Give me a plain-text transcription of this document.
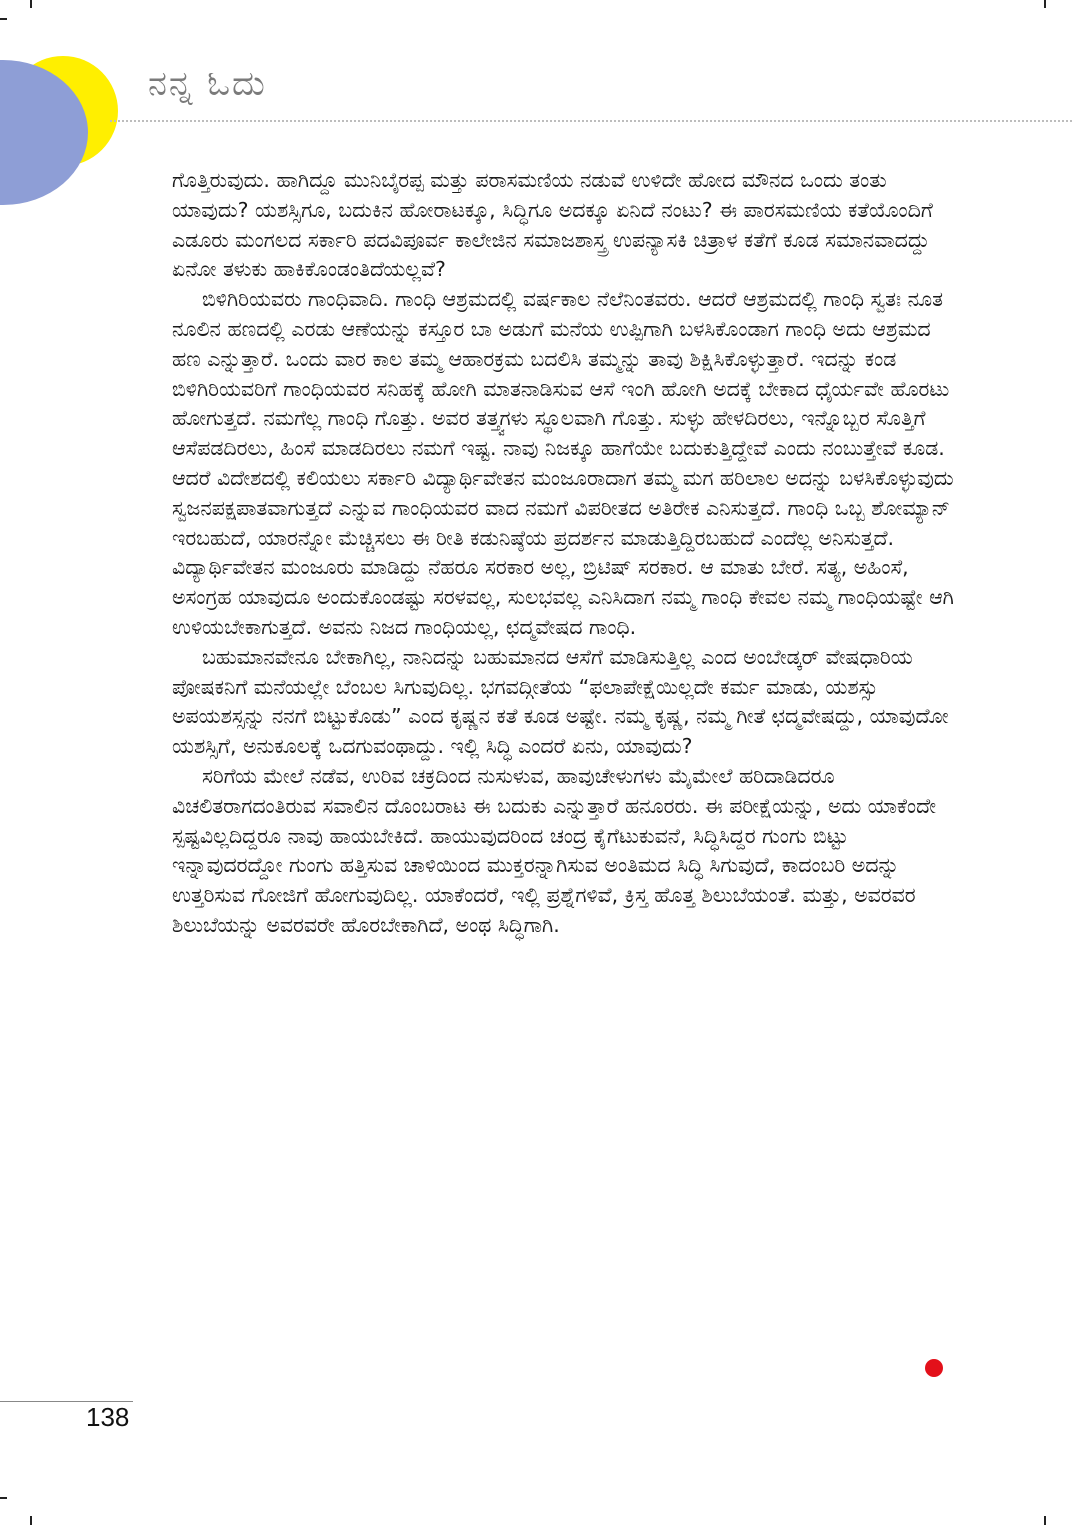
ನನ್ನ ಓದು

ಗೊತ್ತಿರುವುದು. ಹಾಗಿದ್ದೂ ಮುನಿಬೈರಪ್ಪ ಮತ್ತು ಪರಾಸಮಣಿಯ ನಡುವೆ ಉಳಿದೇ ಹೋದ ಮೌನದ ಒಂದು ತಂತು ಯಾವುದು? ಯಶಸ್ಸಿಗೂ, ಬದುಕಿನ ಹೋರಾಟಕ್ಕೂ, ಸಿದ್ಧಿಗೂ ಅದಕ್ಕೂ ಏನಿದೆ ನಂಟು? ಈ ಪಾರಸಮಣಿಯ ಕತೆಯೊಂದಿಗೆ ಎಡೂರು ಮಂಗಲದ ಸರ್ಕಾರಿ ಪದವಿಪೂರ್ವ ಕಾಲೇಜಿನ ಸಮಾಜಶಾಸ್ತ್ರ ಉಪನ್ಯಾಸಕಿ ಚಿತ್ರಾಳ ಕತೆಗೆ ಕೂಡ ಸಮಾನವಾದದ್ದು ಏನೋ ತಳುಕು ಹಾಕಿಕೊಂಡಂತಿದೆಯಲ್ಲವೆ?

ಬಿಳಿಗಿರಿಯವರು ಗಾಂಧಿವಾದಿ. ಗಾಂಧಿ ಆಶ್ರಮದಲ್ಲಿ ವರ್ಷಕಾಲ ನೆಲೆನಿಂತವರು. ಆದರೆ ಆಶ್ರಮದಲ್ಲಿ ಗಾಂಧಿ ಸ್ವತಃ ನೂತ ನೂಲಿನ ಹಣದಲ್ಲಿ ಎರಡು ಆಣೆಯನ್ನು ಕಸ್ತೂರ ಬಾ ಅಡುಗೆ ಮನೆಯ ಉಪ್ಪಿಗಾಗಿ ಬಳಸಿಕೊಂಡಾಗ ಗಾಂಧಿ ಅದು ಆಶ್ರಮದ ಹಣ ಎನ್ನುತ್ತಾರೆ. ಒಂದು ವಾರ ಕಾಲ ತಮ್ಮ ಆಹಾರಕ್ರಮ ಬದಲಿಸಿ ತಮ್ಮನ್ನು ತಾವು ಶಿಕ್ಷಿಸಿಕೊಳ್ಳುತ್ತಾರೆ. ಇದನ್ನು ಕಂಡ ಬಿಳಿಗಿರಿಯವರಿಗೆ ಗಾಂಧಿಯವರ ಸನಿಹಕ್ಕೆ ಹೋಗಿ ಮಾತನಾಡಿಸುವ ಆಸೆ ಇಂಗಿ ಹೋಗಿ ಅದಕ್ಕೆ ಬೇಕಾದ ಧೈರ್ಯವೇ ಹೊರಟು ಹೋಗುತ್ತದೆ. ನಮಗೆಲ್ಲ ಗಾಂಧಿ ಗೊತ್ತು. ಅವರ ತತ್ತ್ವಗಳು ಸ್ಥೂಲವಾಗಿ ಗೊತ್ತು. ಸುಳ್ಳು ಹೇಳದಿರಲು, ಇನ್ನೊಬ್ಬರ ಸೊತ್ತಿಗೆ ಆಸೆಪಡದಿರಲು, ಹಿಂಸೆ ಮಾಡದಿರಲು ನಮಗೆ ಇಷ್ಟ. ನಾವು ನಿಜಕ್ಕೂ ಹಾಗೆಯೇ ಬದುಕುತ್ತಿದ್ದೇವೆ ಎಂದು ನಂಬುತ್ತೇವೆ ಕೂಡ. ಆದರೆ ವಿದೇಶದಲ್ಲಿ ಕಲಿಯಲು ಸರ್ಕಾರಿ ವಿದ್ಯಾರ್ಥಿವೇತನ ಮಂಜೂರಾದಾಗ ತಮ್ಮ ಮಗ ಹರಿಲಾಲ ಅದನ್ನು ಬಳಸಿಕೊಳ್ಳುವುದು ಸ್ವಜನಪಕ್ಷಪಾತವಾಗುತ್ತದೆ ಎನ್ನುವ ಗಾಂಧಿಯವರ ವಾದ ನಮಗೆ ವಿಪರೀತದ ಅತಿರೇಕ ಎನಿಸುತ್ತದೆ. ಗಾಂಧಿ ಒಬ್ಬ ಶೋಮ್ಯಾನ್ ಇರಬಹುದೆ, ಯಾರನ್ನೋ ಮೆಚ್ಚಿಸಲು ಈ ರೀತಿ ಕಡುನಿಷ್ಠೆಯ ಪ್ರದರ್ಶನ ಮಾಡುತ್ತಿದ್ದಿರಬಹುದೆ ಎಂದೆಲ್ಲ ಅನಿಸುತ್ತದೆ. ವಿದ್ಯಾರ್ಥಿವೇತನ ಮಂಜೂರು ಮಾಡಿದ್ದು ನೆಹರೂ ಸರಕಾರ ಅಲ್ಲ, ಬ್ರಿಟಿಷ್ ಸರಕಾರ. ಆ ಮಾತು ಬೇರೆ. ಸತ್ಯ, ಅಹಿಂಸೆ, ಅಸಂಗ್ರಹ ಯಾವುದೂ ಅಂದುಕೊಂಡಷ್ಟು ಸರಳವಲ್ಲ, ಸುಲಭವಲ್ಲ ಎನಿಸಿದಾಗ ನಮ್ಮ ಗಾಂಧಿ ಕೇವಲ ನಮ್ಮ ಗಾಂಧಿಯಷ್ಟೇ ಆಗಿ ಉಳಿಯಬೇಕಾಗುತ್ತದೆ. ಅವನು ನಿಜದ ಗಾಂಧಿಯಲ್ಲ, ಛದ್ಮವೇಷದ ಗಾಂಧಿ.

ಬಹುಮಾನವೇನೂ ಬೇಕಾಗಿಲ್ಲ, ನಾನಿದನ್ನು ಬಹುಮಾನದ ಆಸೆಗೆ ಮಾಡಿಸುತ್ತಿಲ್ಲ ಎಂದ ಅಂಬೇಡ್ಕರ್ ವೇಷಧಾರಿಯ ಪೋಷಕನಿಗೆ ಮನೆಯಲ್ಲೇ ಬೆಂಬಲ ಸಿಗುವುದಿಲ್ಲ. ಭಗವದ್ಗೀತೆಯ “ಫಲಾಪೇಕ್ಷೆಯಿಲ್ಲದೇ ಕರ್ಮ ಮಾಡು, ಯಶಸ್ಸು ಅಪಯಶಸ್ಸನ್ನು ನನಗೆ ಬಿಟ್ಟುಕೊಡು” ಎಂದ ಕೃಷ್ಣನ ಕತೆ ಕೂಡ ಅಷ್ಟೇ. ನಮ್ಮ ಕೃಷ್ಣ, ನಮ್ಮ ಗೀತೆ ಛದ್ಮವೇಷದ್ದು, ಯಾವುದೋ ಯಶಸ್ಸಿಗೆ, ಅನುಕೂಲಕ್ಕೆ ಒದಗುವಂಥಾದ್ದು. ಇಲ್ಲಿ ಸಿದ್ಧಿ ಎಂದರೆ ಏನು, ಯಾವುದು?

ಸರಿಗೆಯ ಮೇಲೆ ನಡೆವ, ಉರಿವ ಚಕ್ರದಿಂದ ನುಸುಳುವ, ಹಾವುಚೇಳುಗಳು ಮೈಮೇಲೆ ಹರಿದಾಡಿದರೂ ವಿಚಲಿತರಾಗದಂತಿರುವ ಸವಾಲಿನ ದೊಂಬರಾಟ ಈ ಬದುಕು ಎನ್ನುತ್ತಾರೆ ಹನೂರರು. ಈ ಪರೀಕ್ಷೆಯನ್ನು, ಅದು ಯಾಕೆಂದೇ ಸ್ಪಷ್ಟವಿಲ್ಲದಿದ್ದರೂ ನಾವು ಹಾಯಬೇಕಿದೆ. ಹಾಯುವುದರಿಂದ ಚಂದ್ರ ಕೈಗೆಟುಕುವನೆ, ಸಿದ್ಧಿಸಿದ್ದರ ಗುಂಗು ಬಿಟ್ಟು ಇನ್ನಾವುದರದ್ದೋ ಗುಂಗು ಹತ್ತಿಸುವ ಚಾಳಿಯಿಂದ ಮುಕ್ತರನ್ನಾಗಿಸುವ ಅಂತಿಮದ ಸಿದ್ಧಿ ಸಿಗುವುದೆ, ಕಾದಂಬರಿ ಅದನ್ನು ಉತ್ತರಿಸುವ ಗೋಜಿಗೆ ಹೋಗುವುದಿಲ್ಲ. ಯಾಕೆಂದರೆ, ಇಲ್ಲಿ ಪ್ರಶ್ನೆಗಳಿವೆ, ಕ್ರಿಸ್ತ ಹೊತ್ತ ಶಿಲುಬೆಯಂತೆ. ಮತ್ತು, ಅವರವರ ಶಿಲುಬೆಯನ್ನು ಅವರವರೇ ಹೊರಬೇಕಾಗಿದೆ, ಅಂಥ ಸಿದ್ಧಿಗಾಗಿ.

138
